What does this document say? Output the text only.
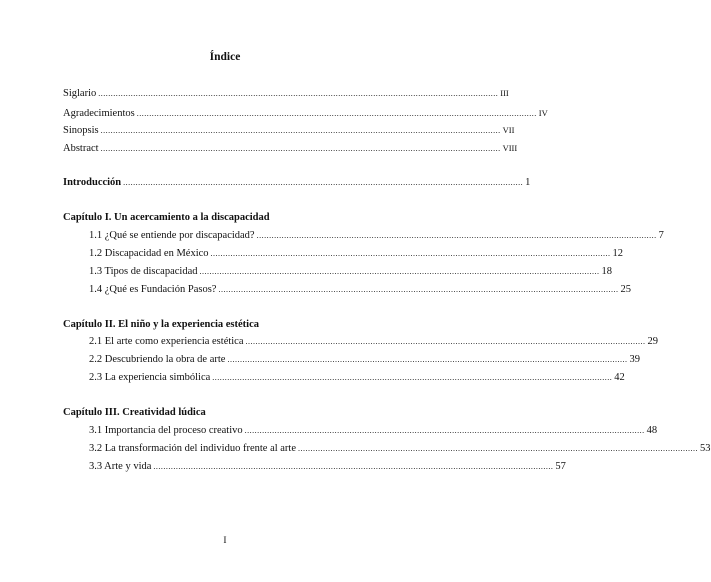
Índice
Siglario ................................................................................................................................................................ III
Agradecimientos ................................................................................................................................................................ IV
Sinopsis ................................................................................................................................................................ VII
Abstract ................................................................................................................................................................ VIII
Introducción ................................................................................................................................................................ 1
Capítulo I. Un acercamiento a la discapacidad
1.1 ¿Qué se entiende por discapacidad? ................................................................................................................................................................ 7
1.2 Discapacidad en México ................................................................................................................................................................ 12
1.3 Tipos de discapacidad ................................................................................................................................................................ 18
1.4 ¿Qué es Fundación Pasos? ................................................................................................................................................................ 25
Capítulo II. El niño y la experiencia estética
2.1 El arte como experiencia estética ................................................................................................................................................................ 29
2.2 Descubriendo la obra de arte ................................................................................................................................................................ 39
2.3 La experiencia simbólica ................................................................................................................................................................ 42
Capítulo III. Creatividad lúdica
3.1 Importancia del proceso creativo ................................................................................................................................................................ 48
3.2 La transformación del individuo frente al arte ................................................................................................................................................................ 53
3.3 Arte y vida ................................................................................................................................................................ 57
I
